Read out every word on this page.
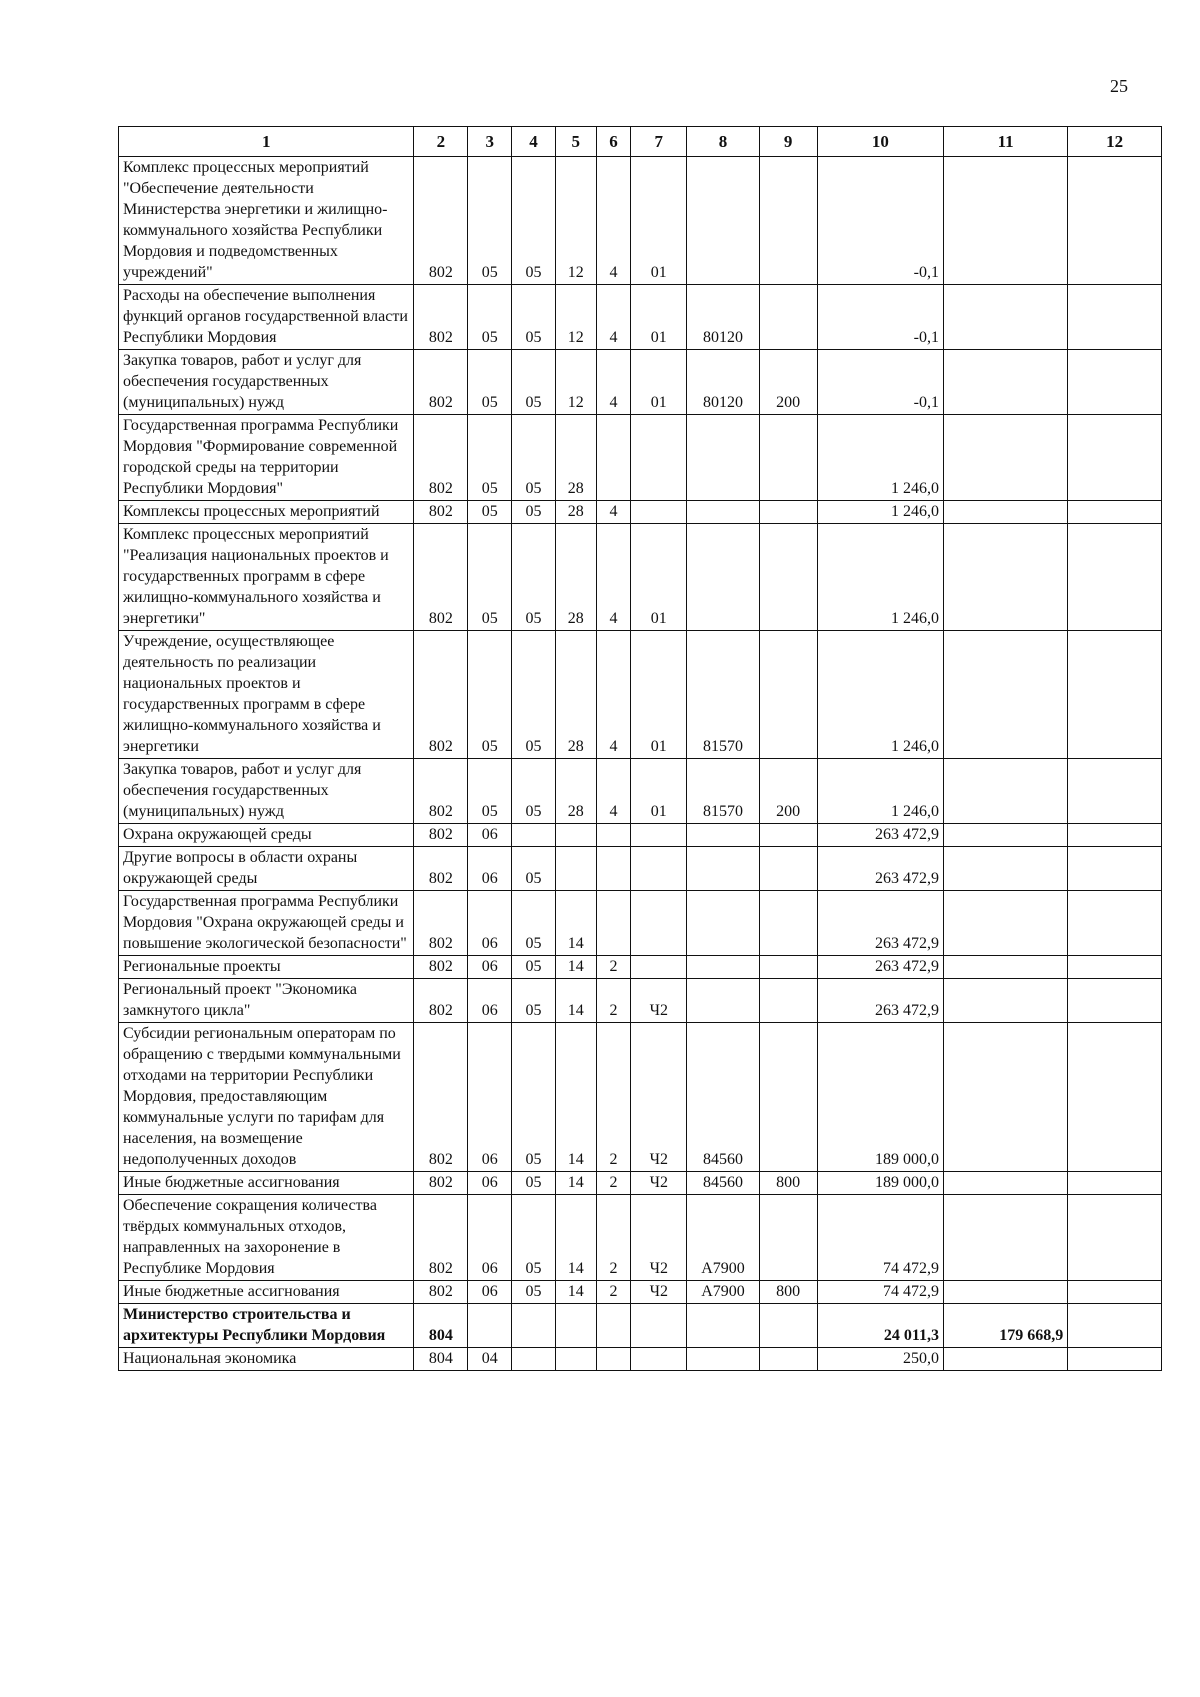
25
1	2	3	4	5	6	7	8	9	10	11	12
Комплекс процессных мероприятий "Обеспечение деятельности Министерства энергетики и жилищно-коммунального хозяйства Республики Мордовия и подведомственных учреждений"	802	05	05	12	4	01			-0,1		
Расходы на обеспечение выполнения функций органов государственной власти Республики Мордовия	802	05	05	12	4	01	80120		-0,1		
Закупка товаров, работ и услуг для обеспечения государственных (муниципальных) нужд	802	05	05	12	4	01	80120	200	-0,1		
Государственная программа Республики Мордовия "Формирование современной городской среды на территории Республики Мордовия"	802	05	05	28					1 246,0		
Комплексы процессных мероприятий	802	05	05	28	4				1 246,0		
Комплекс процессных мероприятий "Реализация национальных проектов и государственных программ в сфере жилищно-коммунального хозяйства и энергетики"	802	05	05	28	4	01			1 246,0		
Учреждение, осуществляющее деятельность по реализации национальных проектов и государственных программ в сфере жилищно-коммунального хозяйства и энергетики	802	05	05	28	4	01	81570		1 246,0		
Закупка товаров, работ и услуг для обеспечения государственных (муниципальных) нужд	802	05	05	28	4	01	81570	200	1 246,0		
Охрана окружающей среды	802	06							263 472,9		
Другие вопросы в области охраны окружающей среды	802	06	05						263 472,9		
Государственная программа Республики Мордовия "Охрана окружающей среды и повышение экологической безопасности"	802	06	05	14					263 472,9		
Региональные проекты	802	06	05	14	2				263 472,9		
Региональный проект "Экономика замкнутого цикла"	802	06	05	14	2	Ч2			263 472,9		
Субсидии региональным операторам по обращению с твердыми коммунальными отходами на территории Республики Мордовия, предоставляющим коммунальные услуги по тарифам для населения, на возмещение недополученных доходов	802	06	05	14	2	Ч2	84560		189 000,0		
Иные бюджетные ассигнования	802	06	05	14	2	Ч2	84560	800	189 000,0		
Обеспечение сокращения количества твёрдых коммунальных отходов, направленных на захоронение в Республике Мордовия	802	06	05	14	2	Ч2	А7900		74 472,9		
Иные бюджетные ассигнования	802	06	05	14	2	Ч2	А7900	800	74 472,9		
Министерство строительства и архитектуры Республики Мордовия	804								24 011,3	179 668,9	
Национальная экономика	804	04							250,0		
